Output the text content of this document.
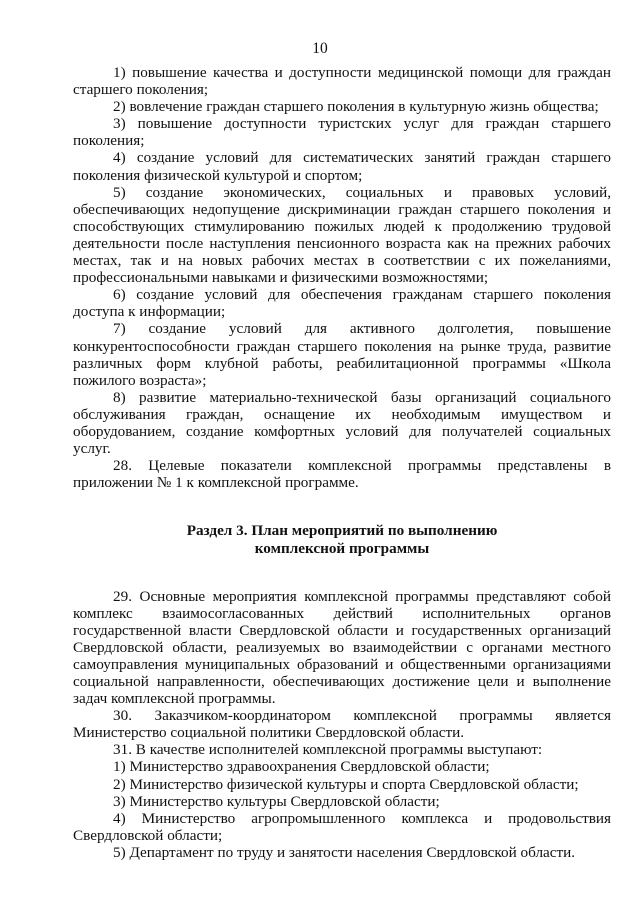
10

1) повышение качества и доступности медицинской помощи для граждан старшего поколения;

2) вовлечение граждан старшего поколения в культурную жизнь общества;

3) повышение доступности туристских услуг для граждан старшего поколения;

4) создание условий для систематических занятий граждан старшего поколения физической культурой и спортом;

5) создание экономических, социальных и правовых условий, обеспечивающих недопущение дискриминации граждан старшего поколения и способствующих стимулированию пожилых людей к продолжению трудовой деятельности после наступления пенсионного возраста как на прежних рабочих местах, так и на новых рабочих местах в соответствии с их пожеланиями, профессиональными навыками и физическими возможностями;

6) создание условий для обеспечения гражданам старшего поколения доступа к информации;

7) создание условий для активного долголетия, повышение конкурентоспособности граждан старшего поколения на рынке труда, развитие различных форм клубной работы, реабилитационной программы «Школа пожилого возраста»;

8) развитие материально-технической базы организаций социального обслуживания граждан, оснащение их необходимым имуществом и оборудованием, создание комфортных условий для получателей социальных услуг.

28. Целевые показатели комплексной программы представлены в приложении № 1 к комплексной программе.

Раздел 3. План мероприятий по выполнению
комплексной программы

29. Основные мероприятия комплексной программы представляют собой комплекс взаимосогласованных действий исполнительных органов государственной власти Свердловской области и государственных организаций Свердловской области, реализуемых во взаимодействии с органами местного самоуправления муниципальных образований и общественными организациями социальной направленности, обеспечивающих достижение цели и выполнение задач комплексной программы.

30. Заказчиком-координатором комплексной программы является Министерство социальной политики Свердловской области.

31. В качестве исполнителей комплексной программы выступают:

1) Министерство здравоохранения Свердловской области;

2) Министерство физической культуры и спорта Свердловской области;

3) Министерство культуры Свердловской области;

4) Министерство агропромышленного комплекса и продовольствия Свердловской области;

5) Департамент по труду и занятости населения Свердловской области.
